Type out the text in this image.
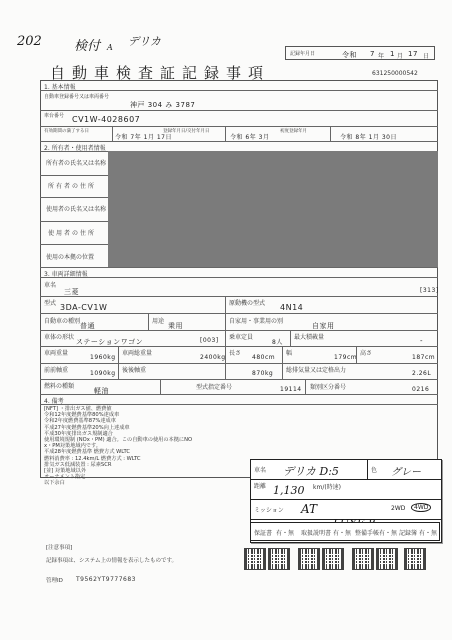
202 検付 A デリカ
記録年月日	令和 7 年 1 月 17 日
自動車検査証記録事項	631250000542
1. 基本情報
自動車登録番号又は車両番号
神戸 304 み 3787
車台番号 CV1W-4028607
有効期間の満了する日
令和 7年 1月 17日
登録年月日/交付年月日
令和 6年 3月
初度登録年月
令和 8年 1月 30日
2. 所有者・使用者情報
所有者の氏名又は名称
所有者の住所
使用者の氏名又は名称
使用者の住所
使用の本拠の位置
3. 車両詳細情報
車名
三菱	[313]
型式 3DA-CV1W	原動機の型式 4N14
自動車の種別
普通
用途
乗用
自家用・事業用の別
自家用
車体の形状
ステーションワゴン	[003] 乗車定員
8人
最大積載量	-
車両重量
1960kg
車両総重量
2400kg
長さ
480cm
幅
179cm
高さ
187cm
前前軸重	1090kg 後後軸重	870kg 総排気量又は定格出力	2.26L
燃料の種類
軽油	型式指定番号	19114 類別区分番号	0216
4. 備考
[NFT] ・排出ガス値、燃費値
令和12年度燃費基準80%達成車
令和2年度燃費基準87%達成車
平成27年度燃費基準20%向上達成車
平成30年度排出ガス規制適合
使用環境規制 (NOx・PM) 適合。この自動車の使用の本拠にNO
x・PM対策地域内です。
平成28年度燃費基準 燃費方式 WLTC
燃料消費率 : 12.4km/L 燃費方式 : WLTC
排気ガス低減装置 : 尿素SCR
[並] 対策地域以外
オーナメント指定
以下余白
車名 デリカ D:5	色 グレー
距離 1,130 km/(時速)
ミッション AT	2WD	4WD
保証書 有・無 取扱説明書 有・無 整備手帳 有・無 記録簿 有・無
[注意事項]
記録事項は、システム上の情報を表示したものです。
管理ID T9562YT9777683
